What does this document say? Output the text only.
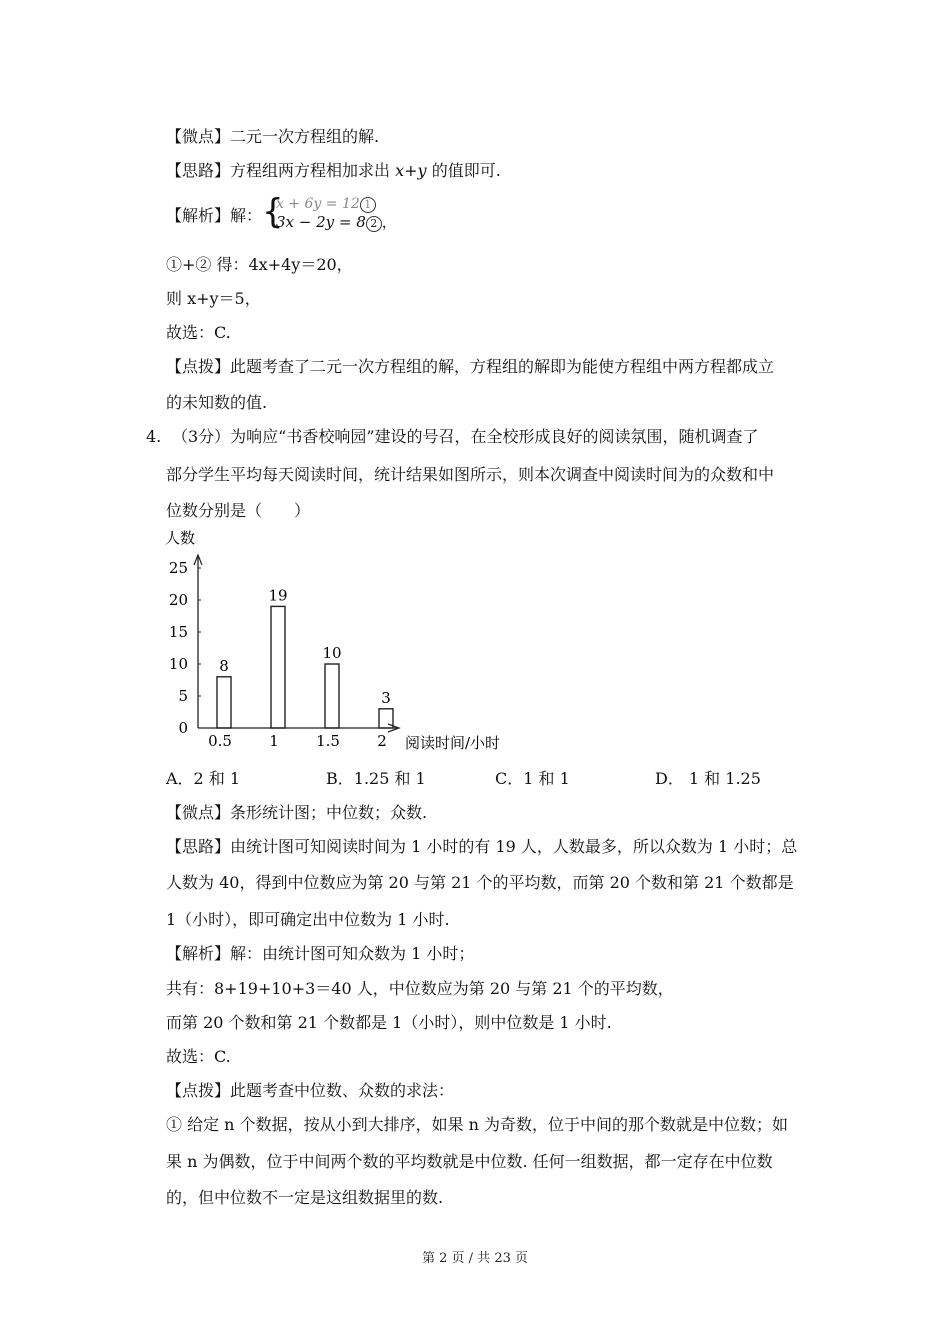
【微点】二元一次方程组的解.
【思路】方程组两方程相加求出 x+y 的值即可.
【解析】解： {
x + 6y = 12 1
3x − 2y = 8 2 ，
①+② 得：4x+4y＝20，
则 x+y＝5，
故选：C.
【点拨】此题考查了二元一次方程组的解，方程组的解即为能使方程组中两方程都成立
的未知数的值.
4. （3分）为响应“书香校响园”建设的号召，在全校形成良好的阅读氛围，随机调查了
部分学生平均每天阅读时间，统计结果如图所示，则本次调查中阅读时间为的众数和中
位数分别是（　　）
人数
阅读时间/小时
0
5
10
15
20
25
8
0.5
19
1
10
1.5
3
2
A．2 和 1	B．1.25 和 1	C．1 和 1	D． 1 和 1.25
【微点】条形统计图；中位数；众数.
【思路】由统计图可知阅读时间为 1 小时的有 19 人，人数最多，所以众数为 1 小时；总
人数为 40，得到中位数应为第 20 与第 21 个的平均数，而第 20 个数和第 21 个数都是
1（小时），即可确定出中位数为 1 小时.
【解析】解：由统计图可知众数为 1 小时；
共有：8+19+10+3＝40 人，中位数应为第 20 与第 21 个的平均数，
而第 20 个数和第 21 个数都是 1（小时），则中位数是 1 小时.
故选：C.
【点拨】此题考查中位数、众数的求法：
① 给定 n 个数据，按从小到大排序，如果 n 为奇数，位于中间的那个数就是中位数；如
果 n 为偶数，位于中间两个数的平均数就是中位数. 任何一组数据，都一定存在中位数
的，但中位数不一定是这组数据里的数.
第 2 页 / 共 23 页
